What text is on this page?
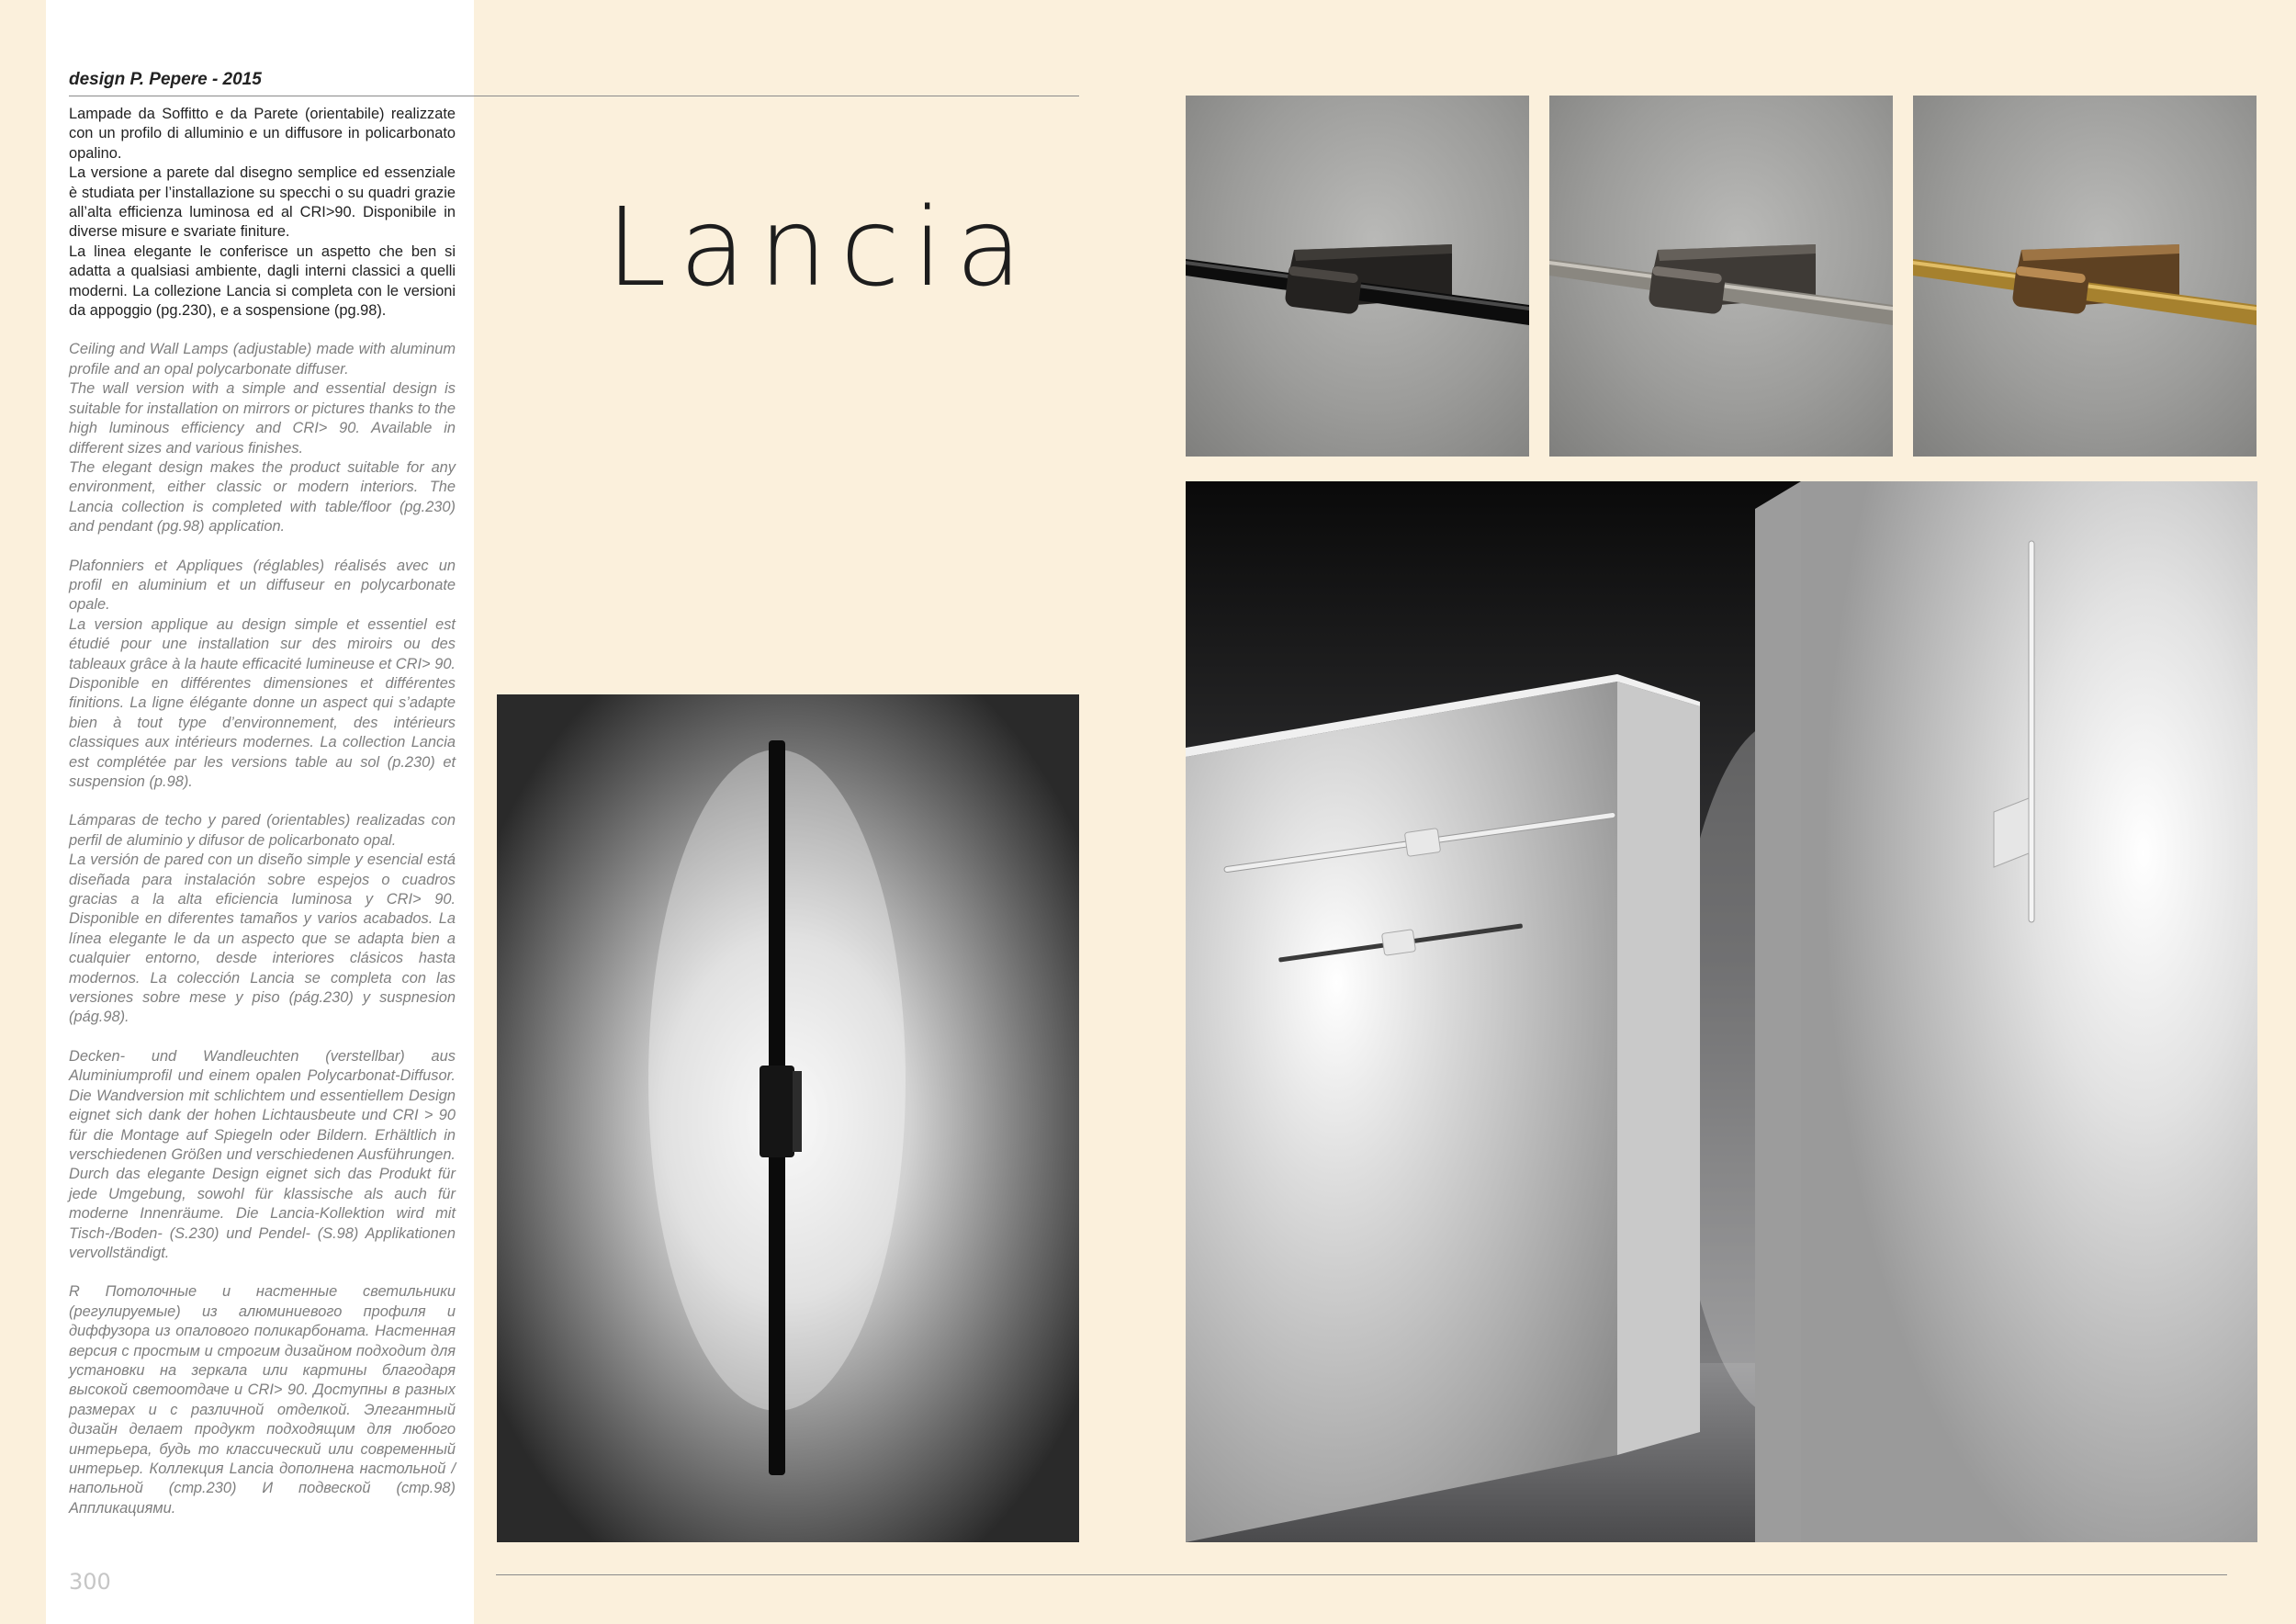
design P. Pepere - 2015

Lampade da Soffitto e da Parete (orientabile) realizzate con un profilo di alluminio e un diffusore in policarbonato opalino.

La versione a parete dal disegno semplice ed essenziale è studiata per l’installazione su specchi o su quadri grazie all’alta efficienza luminosa ed al CRI>90. Disponibile in diverse misure e svariate finiture.

La linea elegante le conferisce un aspetto che ben si adatta a qualsiasi ambiente, dagli interni classici a quelli moderni. La collezione Lancia si completa con le versioni da appoggio (pg.230), e a sospensione (pg.98).

Ceiling and Wall Lamps (adjustable) made with aluminum profile and an opal polycarbonate diffuser.

The wall version with a simple and essential design is suitable for installation on mirrors or pictures thanks to the high luminous efficiency and CRI> 90. Available in different sizes and various finishes.

The elegant design makes the product suitable for any environment, either classic or modern interiors. The Lancia collection is completed with table/floor (pg.230) and pendant (pg.98) application.

Plafonniers et Appliques (réglables) réalisés avec un profil en aluminium et un diffuseur en polycarbonate opale.

La version applique au design simple et essentiel est étudié pour une installation sur des miroirs ou des tableaux grâce à la haute efficacité lumineuse et CRI> 90. Disponible en différentes dimensiones et différentes finitions. La ligne élégante donne un aspect qui s’adapte bien à tout type d’environnement, des intérieurs classiques aux intérieurs modernes. La collection Lancia est complétée par les versions table au sol (p.230) et suspension (p.98).

Lámparas de techo y pared (orientables) realizadas con perfil de aluminio y difusor de policarbonato opal.

La versión de pared con un diseño simple y esencial está diseñada para instalación sobre espejos o cuadros gracias a la alta eficiencia luminosa y CRI> 90. Disponible en diferentes tamaños y varios acabados. La línea elegante le da un aspecto que se adapta bien a cualquier entorno, desde interiores clásicos hasta modernos. La colección Lancia se completa con las versiones sobre mese y piso (pág.230) y suspnesion (pág.98).

Decken- und Wandleuchten (verstellbar) aus Aluminiumprofil und einem opalen Polycarbonat-Diffusor. Die Wandversion mit schlichtem und essentiellem Design eignet sich dank der hohen Lichtausbeute und CRI > 90 für die Montage auf Spiegeln oder Bildern. Erhältlich in verschiedenen Größen und verschiedenen Ausführungen. Durch das elegante Design eignet sich das Produkt für jede Umgebung, sowohl für klassische als auch für moderne Innenräume. Die Lancia-Kollektion wird mit Tisch-/Boden- (S.230) und Pendel- (S.98) Applikationen vervollständigt.

R Потолочные и настенные светильники (регулируемые) из алюминиевого профиля и диффузора из опалового поликарбоната. Настенная версия с простым и строгим дизайном подходит для установки на зеркала или картины благодаря высокой светоотдаче и CRI> 90. Доступны в разных размерах и с различной отделкой. Элегантный дизайн делает продукт подходящим для любого интерьера, будь то классический или современный интерьер. Коллекция Lancia дополнена настольной / напольной (стр.230) И подвеской (стр.98) Аппликациями.

Lancia
300
